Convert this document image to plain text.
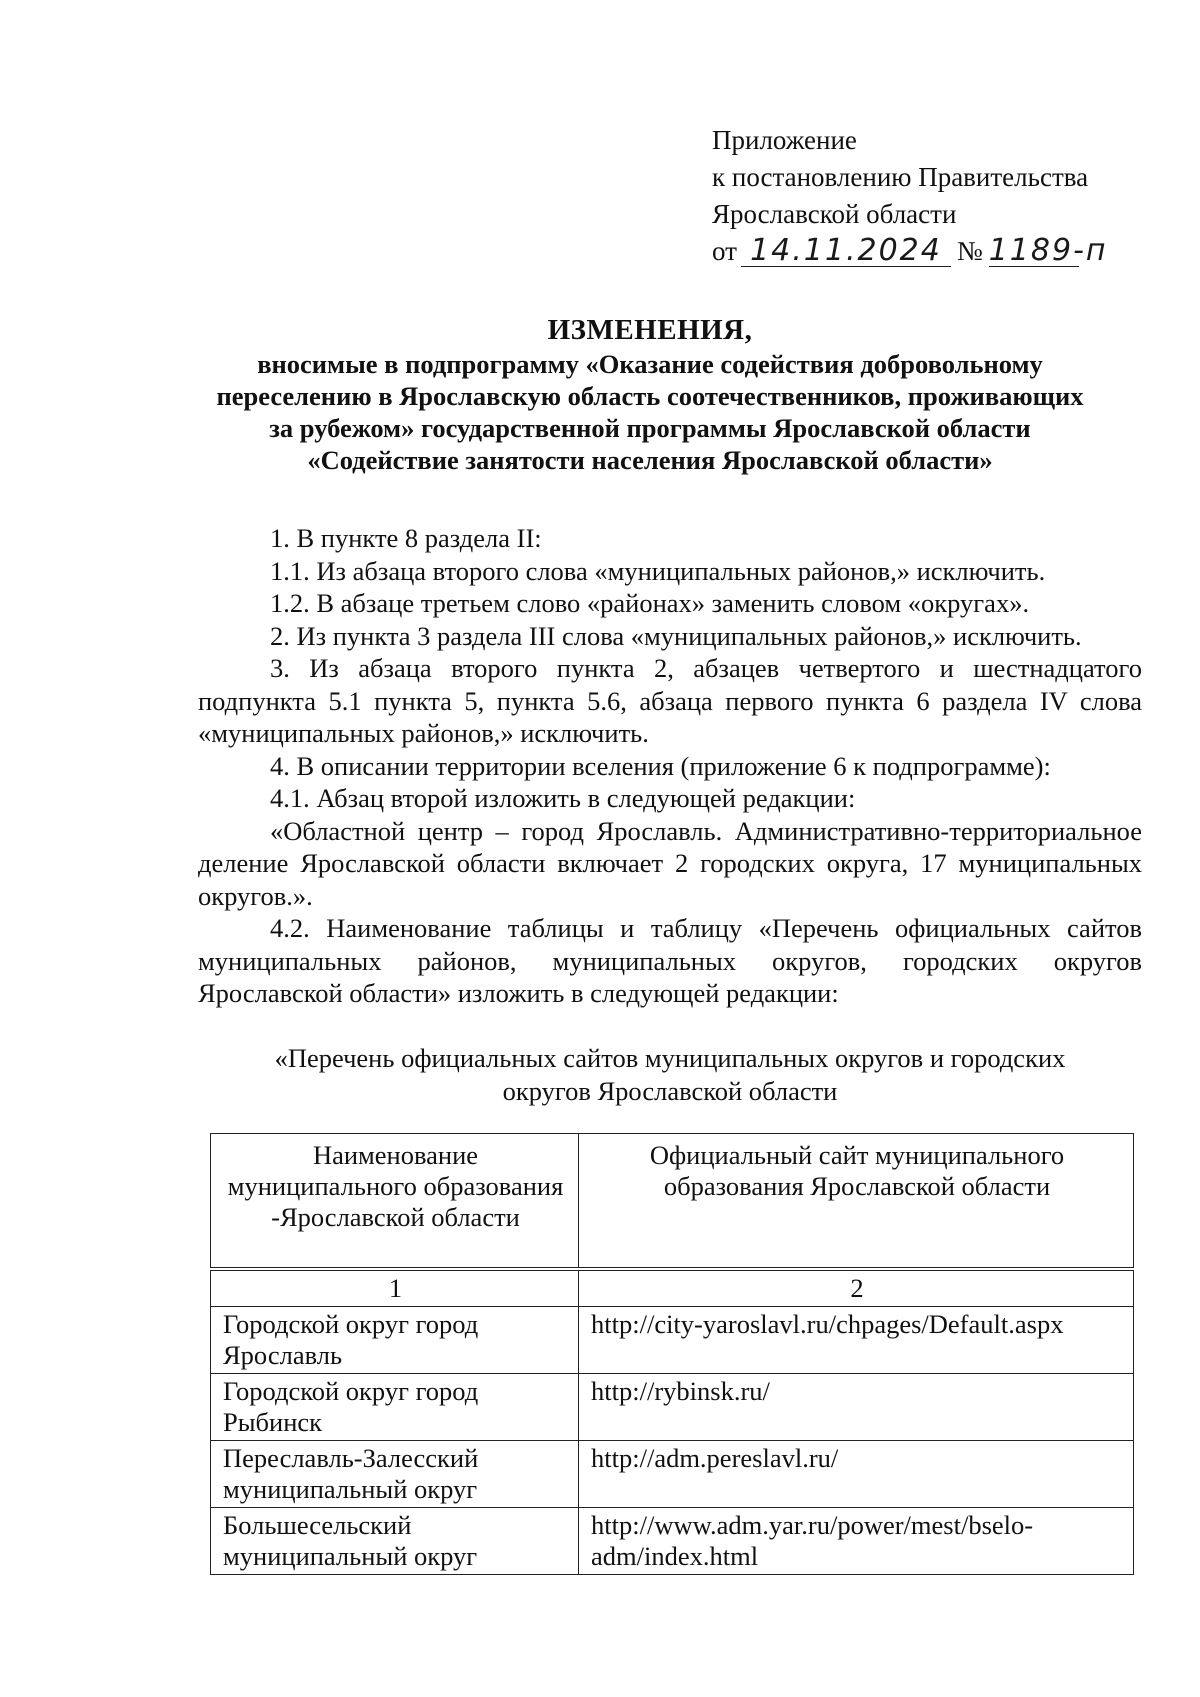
Приложение
к постановлению Правительства
Ярославской области
от 14.11.2024 № 1189-п
ИЗМЕНЕНИЯ,
вносимые в подпрограмму «Оказание содействия добровольному
переселению в Ярославскую область соотечественников, проживающих
за рубежом» государственной программы Ярославской области
«Содействие занятости населения Ярославской области»

1. В пункте 8 раздела II:

1.1. Из абзаца второго слова «муниципальных районов,» исключить.

1.2. В абзаце третьем слово «районах» заменить словом «округах».

2. Из пункта 3 раздела III слова «муниципальных районов,» исключить.

3. Из абзаца второго пункта 2, абзацев четвертого и шестнадцатого подпункта 5.1 пункта 5, пункта 5.6, абзаца первого пункта 6 раздела IV слова «муниципальных районов,» исключить.

4. В описании территории вселения (приложение 6 к подпрограмме):

4.1. Абзац второй изложить в следующей редакции:

«Областной центр – город Ярославль. Административно-территориальное деление Ярославской области включает 2 городских округа, 17 муниципальных округов.».

4.2. Наименование таблицы и таблицу «Перечень официальных сайтов муниципальных районов, муниципальных округов, городских округов Ярославской области» изложить в следующей редакции:

«Перечень официальных сайтов муниципальных округов и городских
округов Ярославской области
Наименование муниципального образования -Ярославской области	Официальный сайт муниципального образования Ярославской области
1	2
Городской округ город Ярославль	http://city-yaroslavl.ru/chpages/Default.aspx
Городской округ город Рыбинск	http://rybinsk.ru/
Переславль-Залесский муниципальный округ	http://adm.pereslavl.ru/
Большесельский муниципальный округ	http://www.adm.yar.ru/power/mest/bselo-adm/index.html
